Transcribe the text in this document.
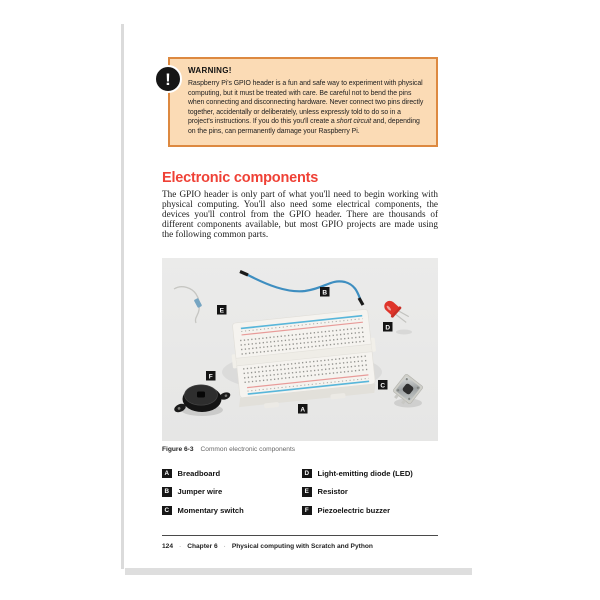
!	WARNING!
Raspberry Pi's GPIO header is a fun and safe way to experiment with physical computing, but it must be treated with care. Be careful not to bend the pins when connecting and disconnecting hardware. Never connect two pins directly together, accidentally or deliberately, unless expressly told to do so in a project's instructions. If you do this you'll create a short circuit and, depending on the pins, can permanently damage your Raspberry Pi.
Electronic components

The GPIO header is only part of what you'll need to begin working with physical computing. You'll also need some electrical components, the devices you'll control from the GPIO header. There are thousands of different components available, but most GPIO projects are made using the following common parts.

A
B
C
D
E
F
Figure 6-3 Common electronic components
A	Breadboard
B	Jumper wire
C	Momentary switch
D	Light-emitting diode (LED)
E	Resistor
F	Piezoelectric buzzer
124 · Chapter 6 · Physical computing with Scratch and Python
